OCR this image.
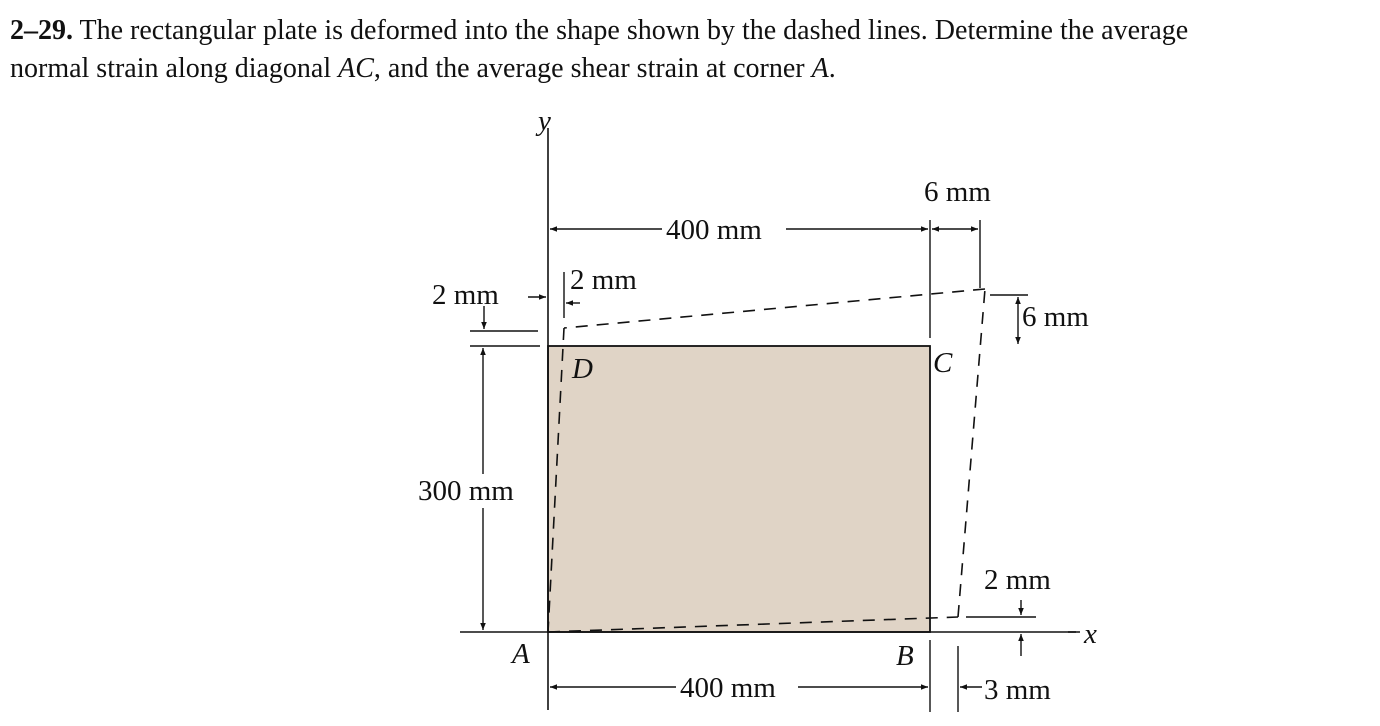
2–29. The rectangular plate is deformed into the shape shown by the dashed lines. Determine the average
normal strain along diagonal AC, and the average shear strain at corner A.
y
x
A	B
C
D
400 mm
6 mm
6 mm
2 mm 2 mm
300 mm
2 mm
400 mm	3 mm
